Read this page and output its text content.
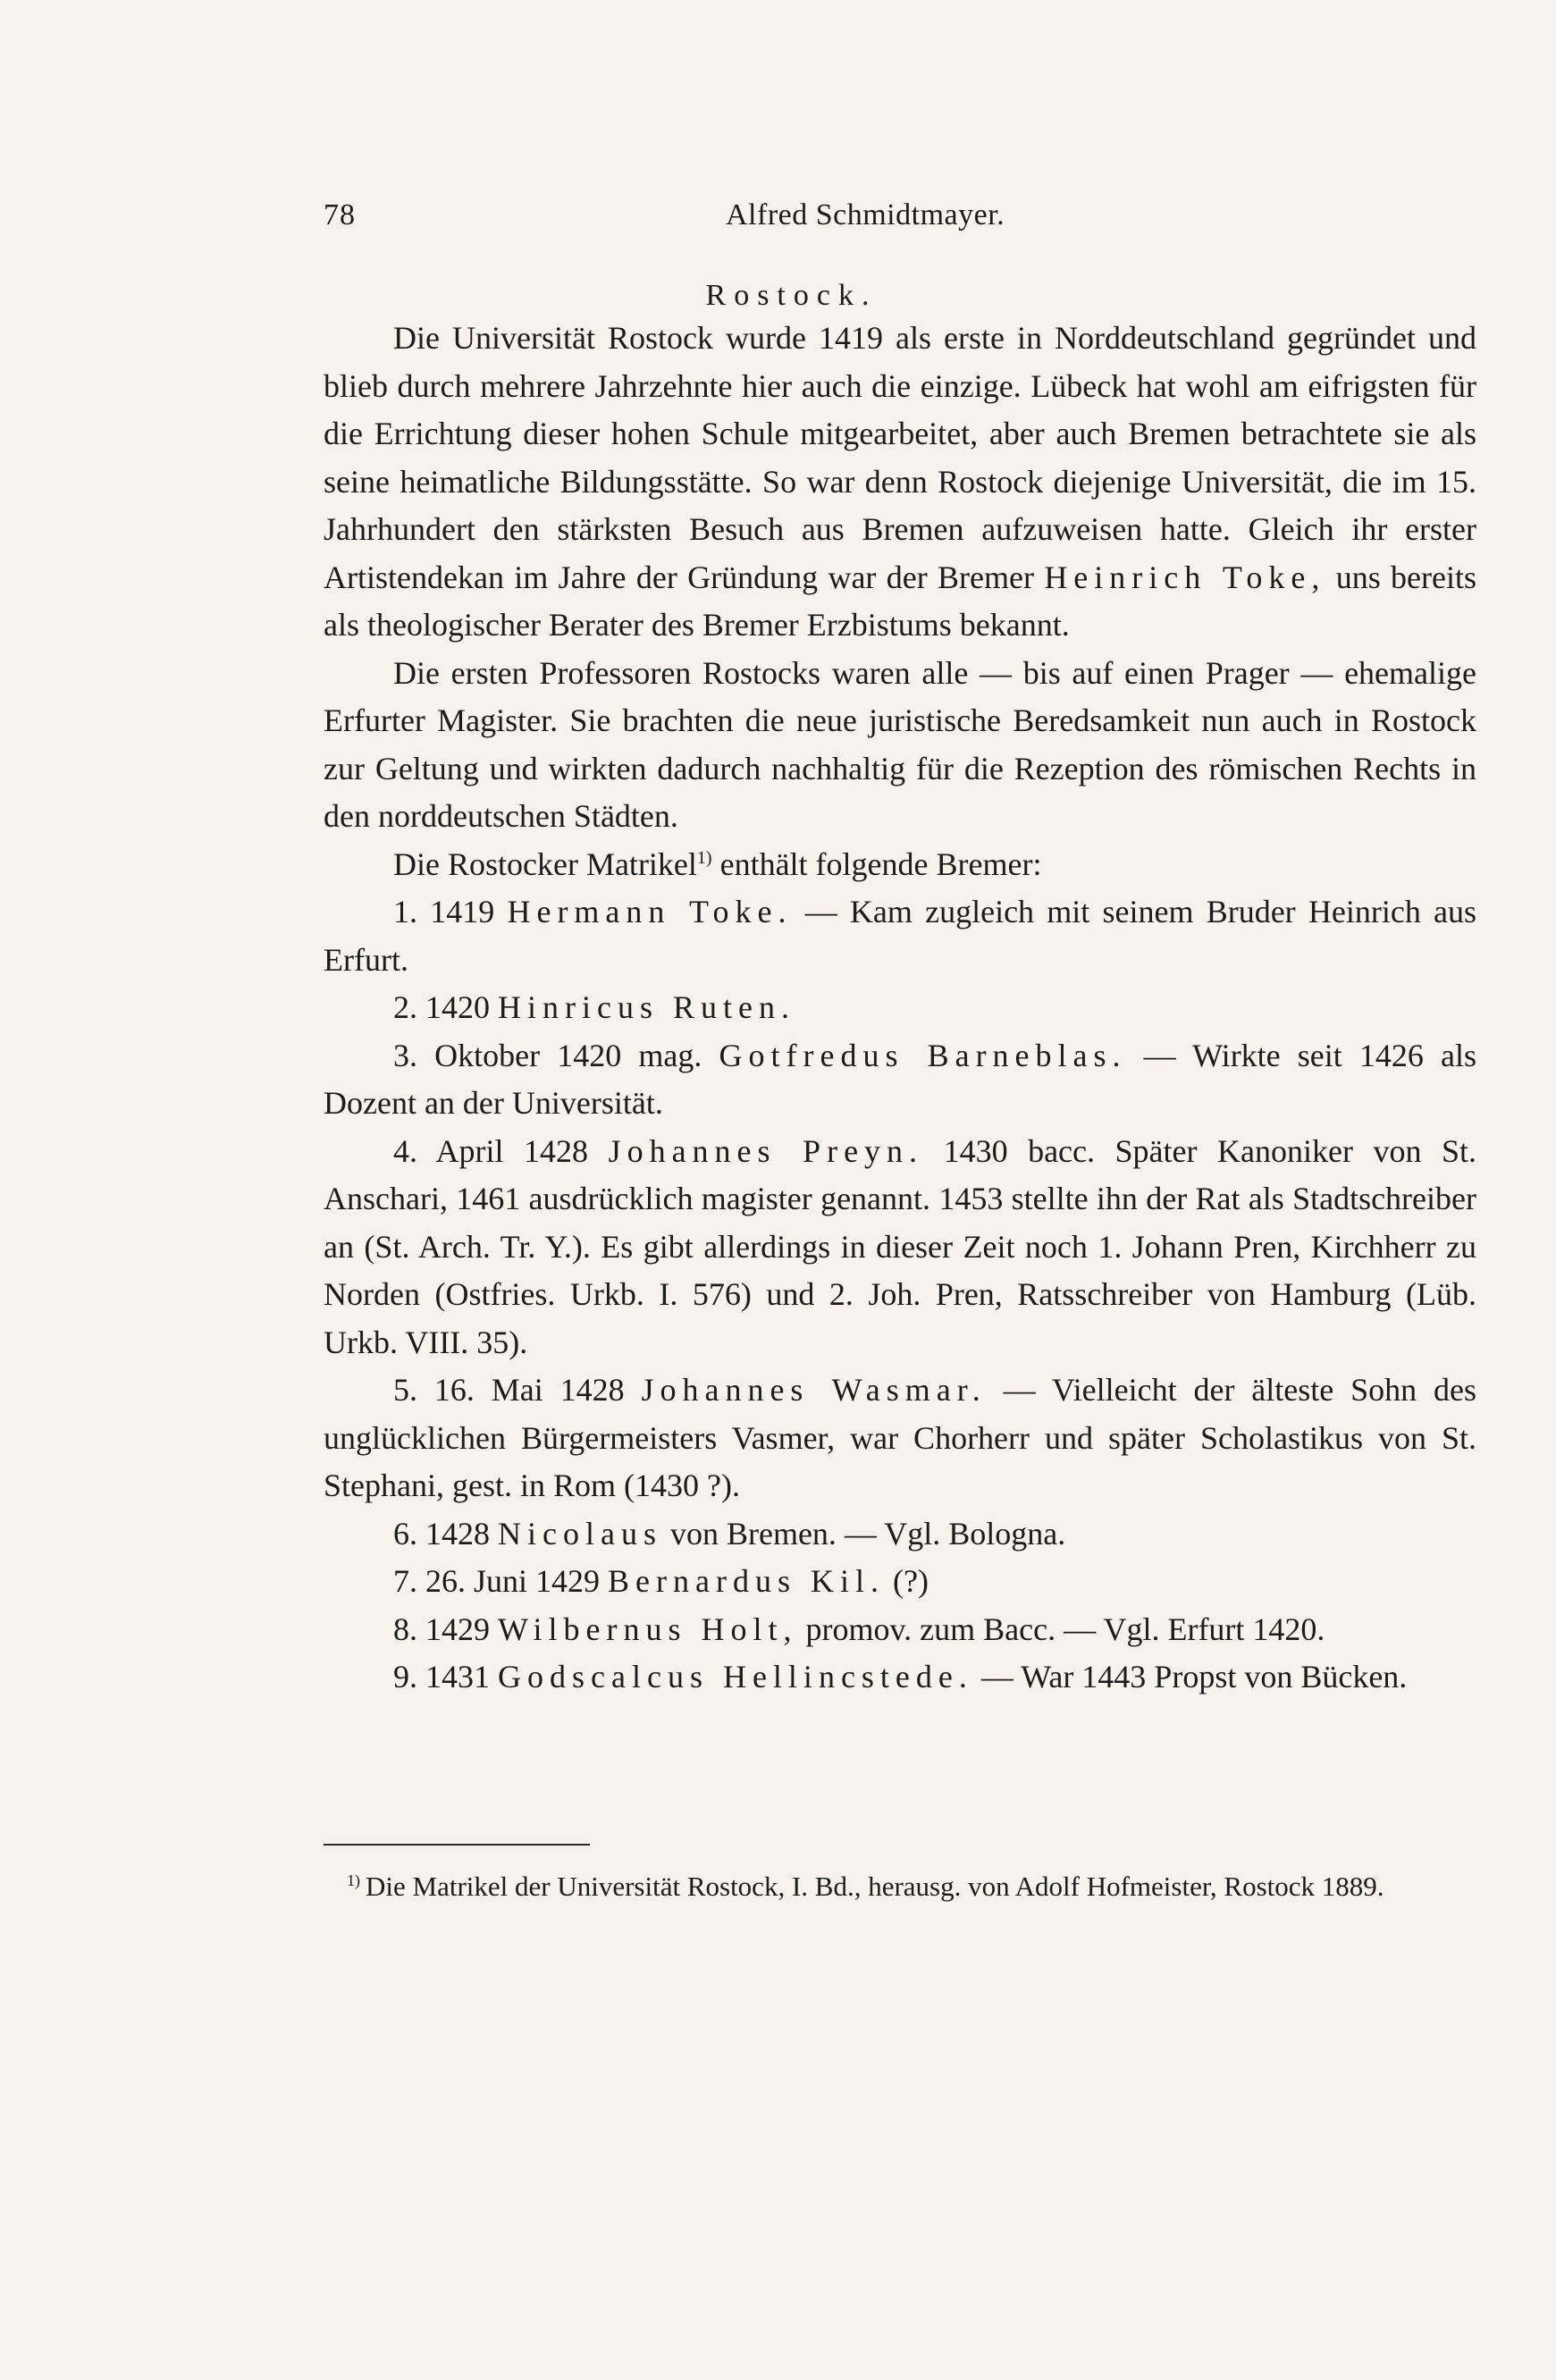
78	Alfred Schmidtmayer.
Rostock.

Die Universität Rostock wurde 1419 als erste in Norddeutschland gegründet und blieb durch mehrere Jahrzehnte hier auch die einzige. Lübeck hat wohl am eifrigsten für die Errichtung dieser hohen Schule mitgearbeitet, aber auch Bremen betrachtete sie als seine heimatliche Bildungsstätte. So war denn Rostock diejenige Universität, die im 15. Jahrhundert den stärksten Besuch aus Bremen aufzuweisen hatte. Gleich ihr erster Artistendekan im Jahre der Gründung war der Bremer Heinrich Toke, uns bereits als theologischer Berater des Bremer Erzbistums bekannt.

Die ersten Professoren Rostocks waren alle — bis auf einen Prager — ehemalige Erfurter Magister. Sie brachten die neue juristische Beredsamkeit nun auch in Rostock zur Geltung und wirkten dadurch nachhaltig für die Rezeption des römischen Rechts in den norddeutschen Städten.

Die Rostocker Matrikel$^{1)}$ enthält folgende Bremer:

1. 1419 Hermann Toke. — Kam zugleich mit seinem Bruder Heinrich aus Erfurt.

2. 1420 Hinricus Ruten.

3. Oktober 1420 mag. Gotfredus Barneblas. — Wirkte seit 1426 als Dozent an der Universität.

4. April 1428 Johannes Preyn. 1430 bacc. Später Kanoniker von St. Anschari, 1461 ausdrücklich magister genannt. 1453 stellte ihn der Rat als Stadtschreiber an (St. Arch. Tr. Y.). Es gibt allerdings in dieser Zeit noch 1. Johann Pren, Kirchherr zu Norden (Ostfries. Urkb. I. 576) und 2. Joh. Pren, Ratsschreiber von Hamburg (Lüb. Urkb. VIII. 35).

5. 16. Mai 1428 Johannes Wasmar. — Vielleicht der älteste Sohn des unglücklichen Bürgermeisters Vasmer, war Chorherr und später Scholastikus von St. Stephani, gest. in Rom (1430 ?).

6. 1428 Nicolaus von Bremen. — Vgl. Bologna.

7. 26. Juni 1429 Bernardus Kil. (?)

8. 1429 Wilbernus Holt, promov. zum Bacc. — Vgl. Erfurt 1420.

9. 1431 Godscalcus Hellincstede. — War 1443 Propst von Bücken.

$^{1)}$ Die Matrikel der Universität Rostock, I. Bd., herausg. von Adolf Hofmeister, Rostock 1889.
